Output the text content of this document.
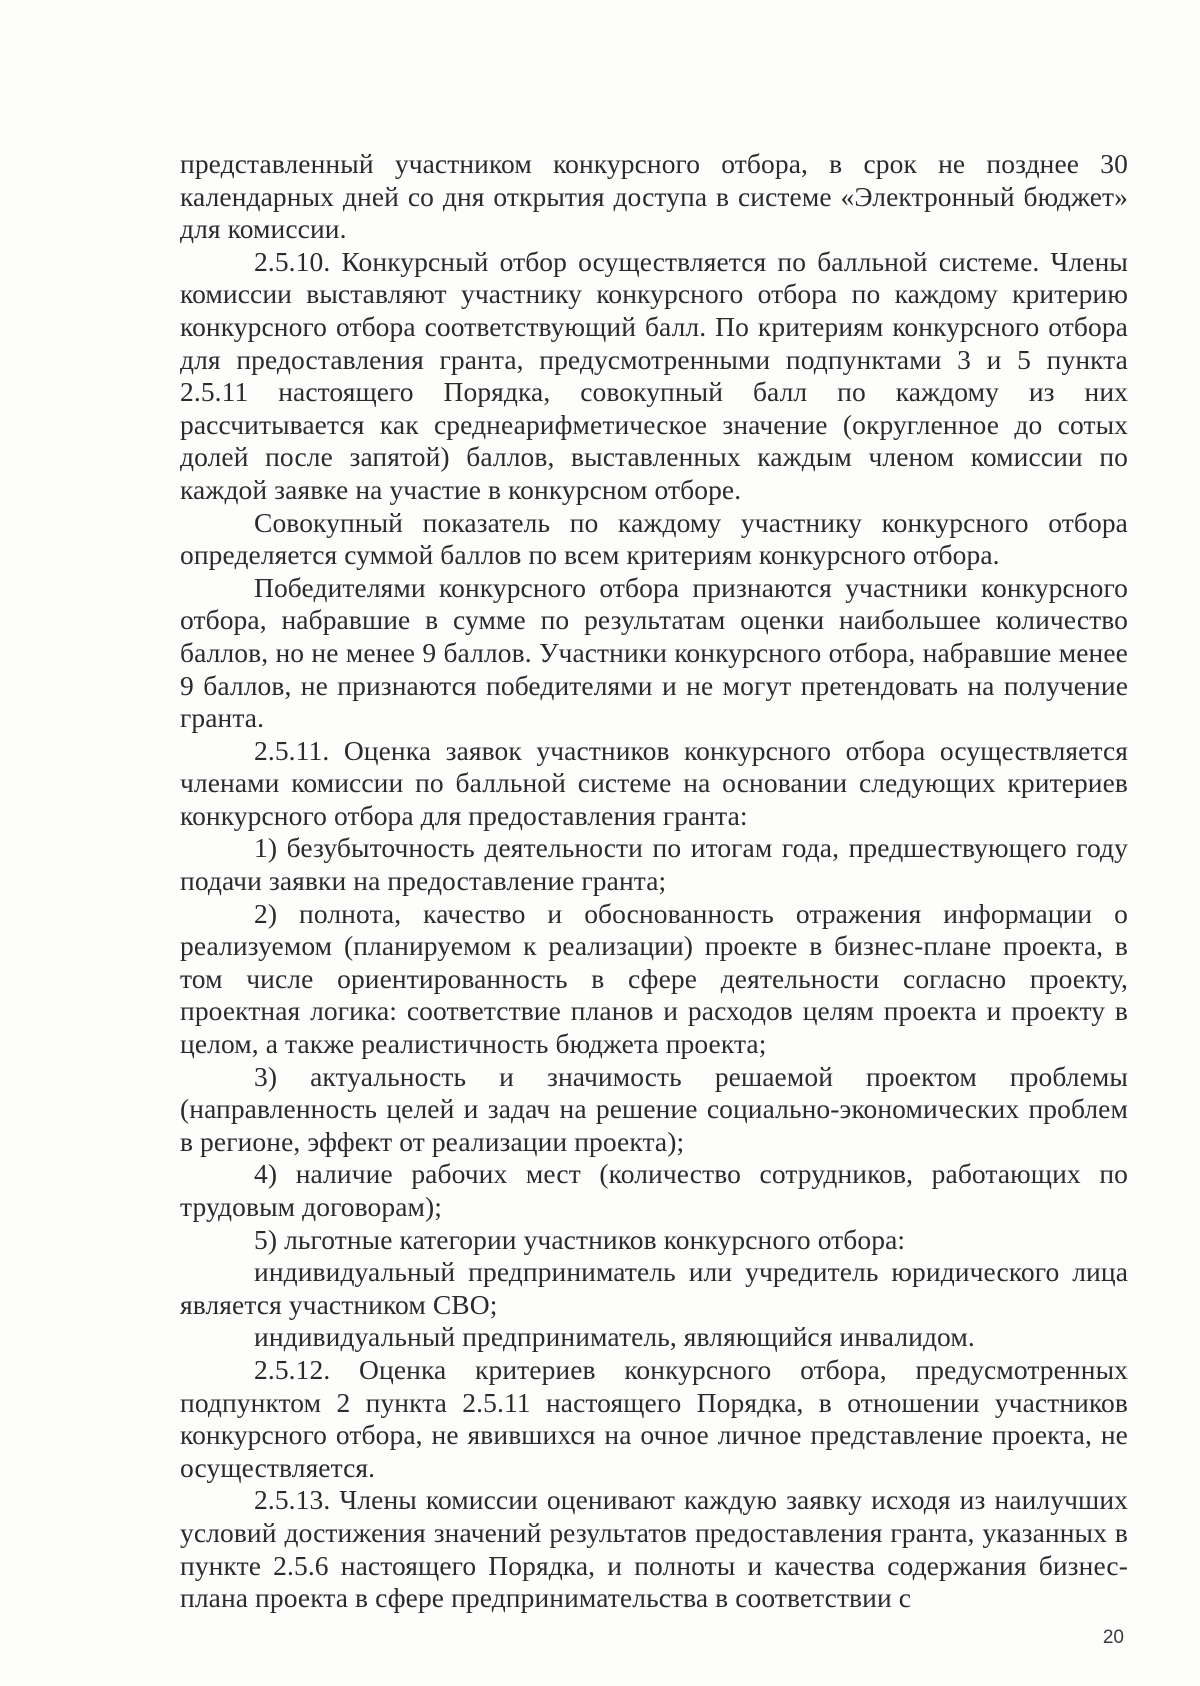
представленный участником конкурсного отбора, в срок не позднее 30 календарных дней со дня открытия доступа в системе «Электронный бюджет» для комиссии.

2.5.10. Конкурсный отбор осуществляется по балльной системе. Члены комиссии выставляют участнику конкурсного отбора по каждому критерию конкурсного отбора соответствующий балл. По критериям конкурсного отбора для предоставления гранта, предусмотренными подпунктами 3 и 5 пункта 2.5.11 настоящего Порядка, совокупный балл по каждому из них рассчитывается как среднеарифметическое значение (округленное до сотых долей после запятой) баллов, выставленных каждым членом комиссии по каждой заявке на участие в конкурсном отборе.

Совокупный показатель по каждому участнику конкурсного отбора определяется суммой баллов по всем критериям конкурсного отбора.

Победителями конкурсного отбора признаются участники конкурсного отбора, набравшие в сумме по результатам оценки наибольшее количество баллов, но не менее 9 баллов. Участники конкурсного отбора, набравшие менее 9 баллов, не признаются победителями и не могут претендовать на получение гранта.

2.5.11. Оценка заявок участников конкурсного отбора осуществляется членами комиссии по балльной системе на основании следующих критериев конкурсного отбора для предоставления гранта:

1) безубыточность деятельности по итогам года, предшествующего году подачи заявки на предоставление гранта;

2) полнота, качество и обоснованность отражения информации о реализуемом (планируемом к реализации) проекте в бизнес-плане проекта, в том числе ориентированность в сфере деятельности согласно проекту, проектная логика: соответствие планов и расходов целям проекта и проекту в целом, а также реалистичность бюджета проекта;

3) актуальность и значимость решаемой проектом проблемы (направленность целей и задач на решение социально-экономических проблем в регионе, эффект от реализации проекта);

4) наличие рабочих мест (количество сотрудников, работающих по трудовым договорам);

5) льготные категории участников конкурсного отбора:

индивидуальный предприниматель или учредитель юридического лица является участником СВО;

индивидуальный предприниматель, являющийся инвалидом.

2.5.12. Оценка критериев конкурсного отбора, предусмотренных подпунктом 2 пункта 2.5.11 настоящего Порядка, в отношении участников конкурсного отбора, не явившихся на очное личное представление проекта, не осуществляется.

2.5.13. Члены комиссии оценивают каждую заявку исходя из наилучших условий достижения значений результатов предоставления гранта, указанных в пункте 2.5.6 настоящего Порядка, и полноты и качества содержания бизнес-плана проекта в сфере предпринимательства в соответствии с

20
